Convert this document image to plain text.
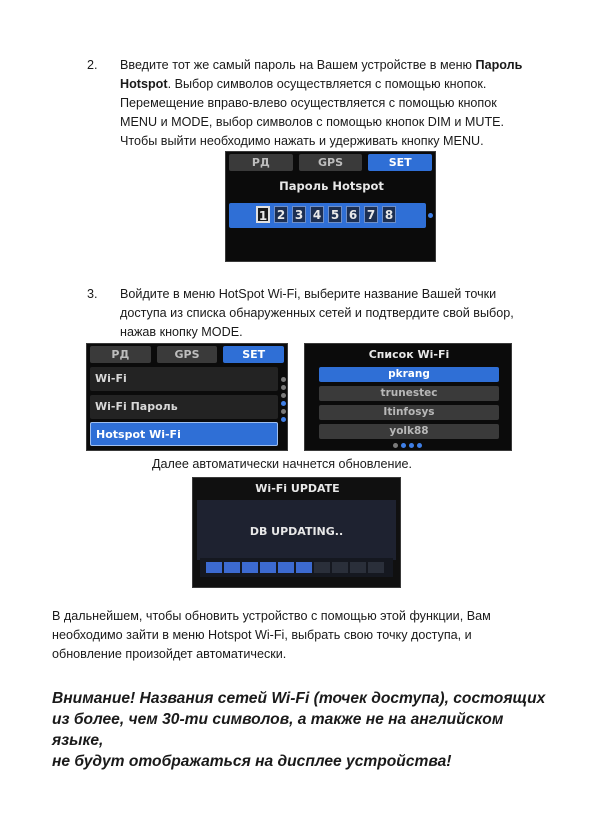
2. Введите тот же самый пароль на Вашем устройстве в меню Пароль

Hotspot. Выбор символов осуществляется с помощью кнопок.

Перемещение вправо-влево осуществляется с помощью кнопок

MENU и MODE, выбор символов с помощью кнопок DIM и MUTE.

Чтобы выйти необходимо нажать и удерживать кнопку MENU.

РД	GPS	SET
Пароль Hotspot
1 2 3 4 5 6 7 8
3. Войдите в меню HotSpot Wi-Fi, выберите название Вашей точки

доступа из списка обнаруженных сетей и подтвердите свой выбор,

нажав кнопку MODE.

РД	GPS	SET
Wi-Fi
Wi-Fi Пароль
Hotspot Wi-Fi
Список Wi-Fi
pkrang
trunestec
Itinfosys
yolk88
Далее автоматически начнется обновление.
Wi-Fi UPDATE
DB UPDATING..

В дальнейшем, чтобы обновить устройство с помощью этой функции, Вам

необходимо зайти в меню Hotspot Wi-Fi, выбрать свою точку доступа, и

обновление произойдет автоматически.

Внимание! Названия сетей Wi-Fi (точек доступа), состоящих

из более, чем 30-ти символов, а также не на английском языке,

не будут отображаться на дисплее устройства!
